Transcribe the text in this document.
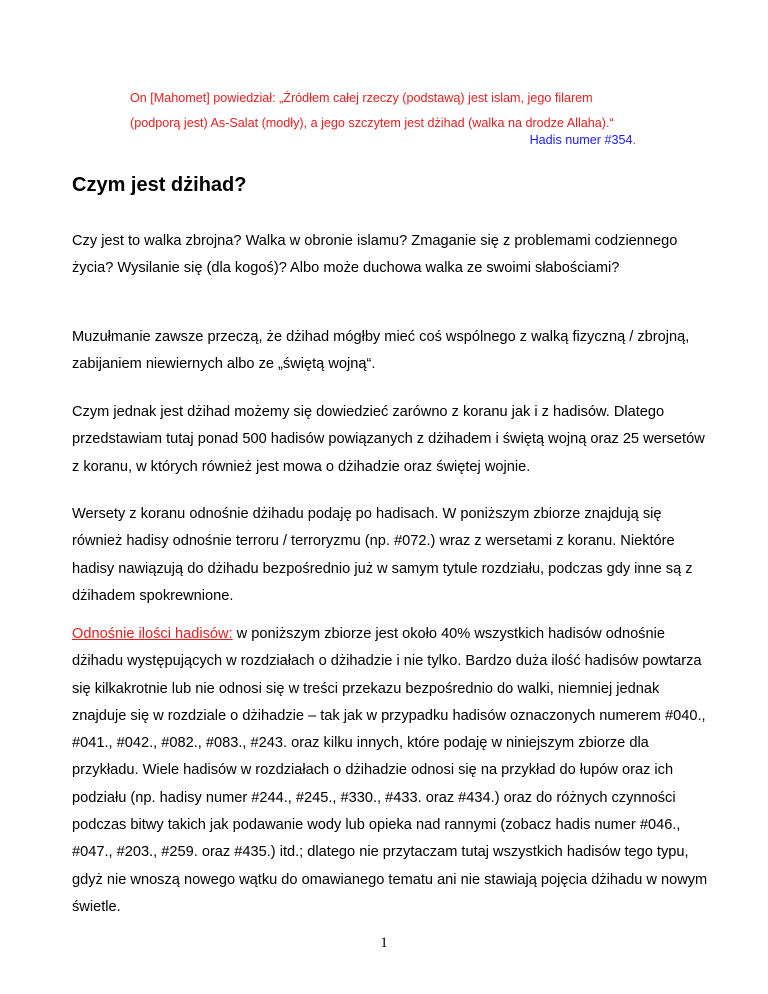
On [Mahomet] powiedział: „Źródłem całej rzeczy (podstawą) jest islam, jego filarem (podporą jest) As-Salat (modły), a jego szczytem jest dżihad (walka na drodze Allaha).“
Hadis numer #354.
Czym jest dżihad?

Czy jest to walka zbrojna? Walka w obronie islamu? Zmaganie się z problemami codziennego życia? Wysilanie się (dla kogoś)? Albo może duchowa walka ze swoimi słabościami?

Muzułmanie zawsze przeczą, że dżihad mógłby mieć coś wspólnego z walką fizyczną / zbrojną, zabijaniem niewiernych albo ze „świętą wojną“.

Czym jednak jest dżihad możemy się dowiedzieć zarówno z koranu jak i z hadisów. Dlatego przedstawiam tutaj ponad 500 hadisów powiązanych z dżihadem i świętą wojną oraz 25 wersetów z koranu, w których również jest mowa o dżihadzie oraz świętej wojnie.

Wersety z koranu odnośnie dżihadu podaję po hadisach. W poniższym zbiorze znajdują się również hadisy odnośnie terroru / terroryzmu (np. #072.) wraz z wersetami z koranu. Niektóre hadisy nawiązują do dżihadu bezpośrednio już w samym tytule rozdziału, podczas gdy inne są z dżihadem spokrewnione.

Odnośnie ilości hadisów: w poniższym zbiorze jest około 40% wszystkich hadisów odnośnie dżihadu występujących w rozdziałach o dżihadzie i nie tylko. Bardzo duża ilość hadisów powtarza się kilkakrotnie lub nie odnosi się w treści przekazu bezpośrednio do walki, niemniej jednak znajduje się w rozdziale o dżihadzie – tak jak w przypadku hadisów oznaczonych numerem #040., #041., #042., #082., #083., #243. oraz kilku innych, które podaję w niniejszym zbiorze dla przykładu. Wiele hadisów w rozdziałach o dżihadzie odnosi się na przykład do łupów oraz ich podziału (np. hadisy numer #244., #245., #330., #433. oraz #434.) oraz do różnych czynności podczas bitwy takich jak podawanie wody lub opieka nad rannymi (zobacz hadis numer #046., #047., #203., #259. oraz #435.) itd.; dlatego nie przytaczam tutaj wszystkich hadisów tego typu, gdyż nie wnoszą nowego wątku do omawianego tematu ani nie stawiają pojęcia dżihadu w nowym świetle.

1
